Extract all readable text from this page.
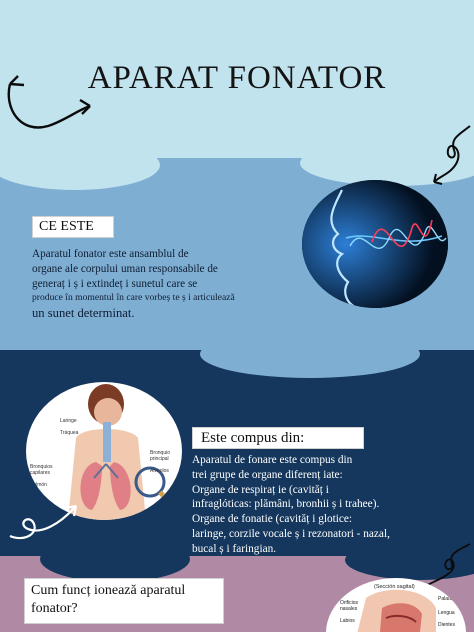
APARAT FONATOR
CE ESTE
Aparatul fonator este ansamblul de
organe ale corpului uman responsabile de
generaț i ș i extindeț i sunetul care se
produce în momentul în care vorbeș te ș i articulează
un sunet determinat.
Laringe
Tráquea
Bronquios
capilares
Pulmón
Bronquio
principal
Alveolos
Este compus din:
Aparatul de fonare este compus din
trei grupe de organe diferenț iate:
Organe de respiraț ie (cavităț i
infraglóticas: plămâni, bronhii ș i trahee).
Organe de fonatie (cavităț i glotice:
laringe, corzile vocale ș i rezonatori - nazal,
bucal ș i faringian.
Cum funcț ionează aparatul
fonator?
(Sección sagital)
Paladar
Orificios
nasales
Lengua
Labios
Dientes
